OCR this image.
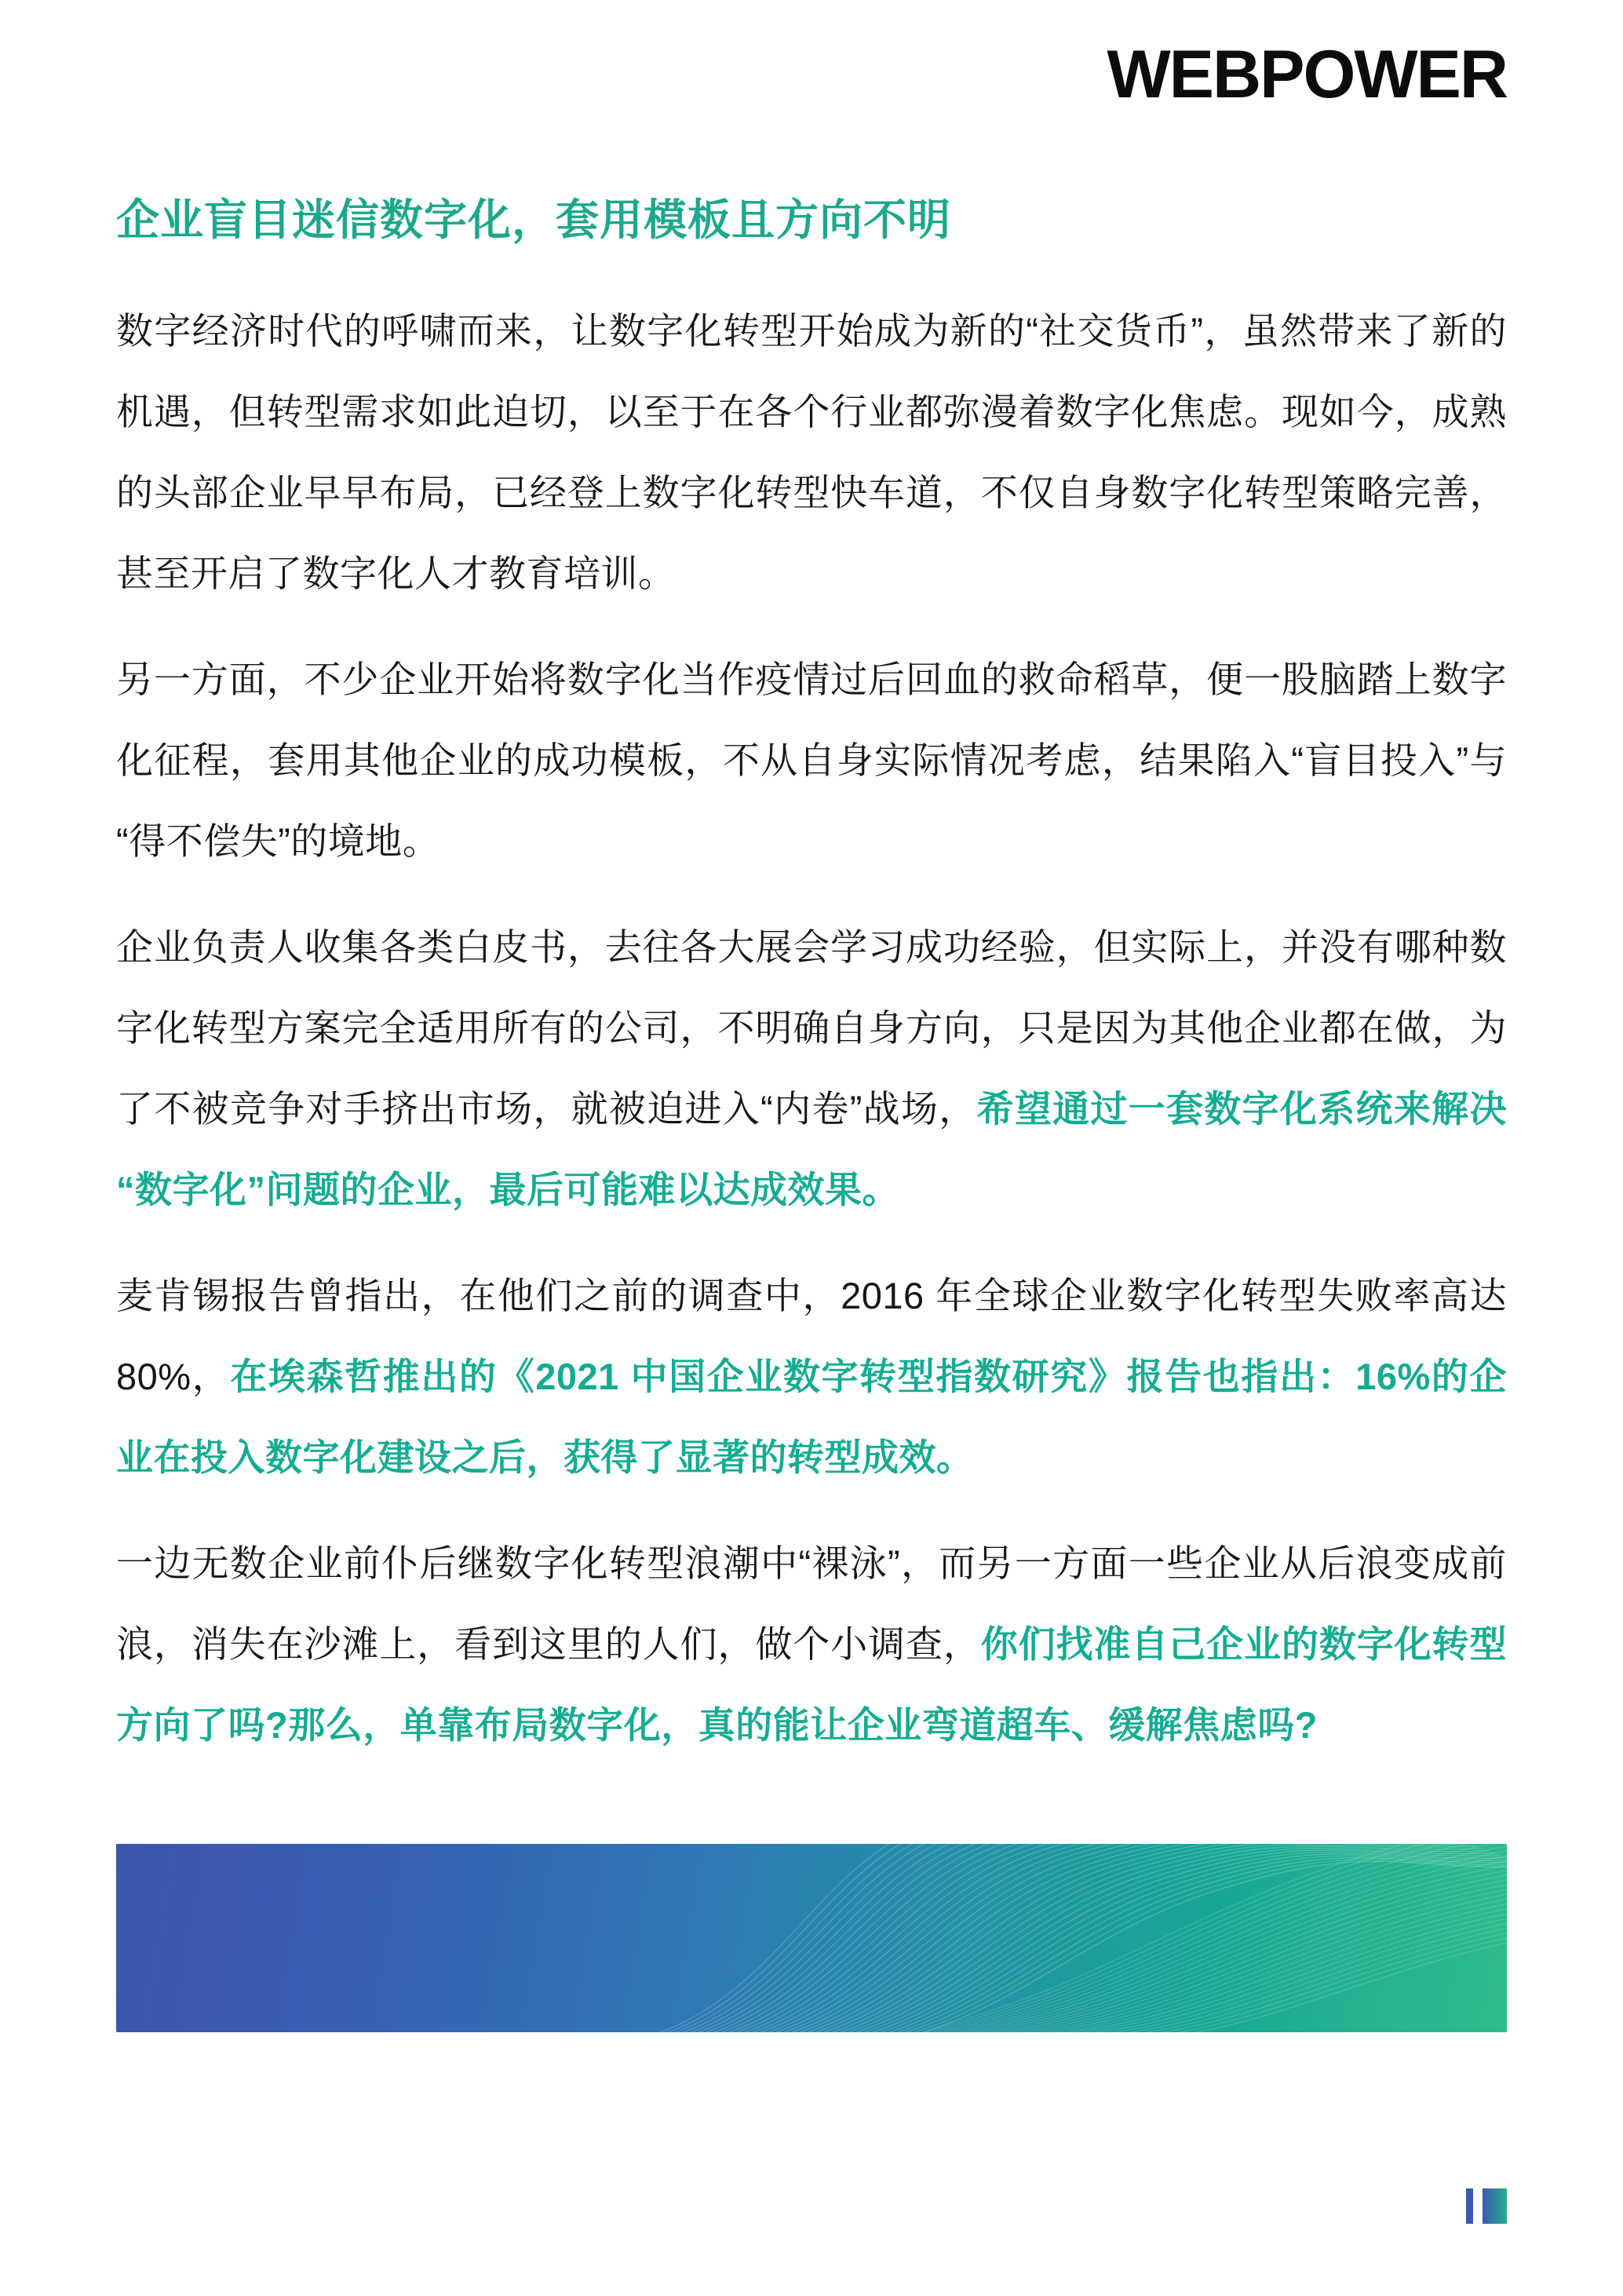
WEBPOWER
企业盲目迷信数字化，套用模板且方向不明

数字经济时代的呼啸而来，让数字化转型开始成为新的“社交货币”，虽然带来了新的机遇，但转型需求如此迫切，以至于在各个行业都弥漫着数字化焦虑。现如今，成熟的头部企业早早布局，已经登上数字化转型快车道，不仅自身数字化转型策略完善，甚至开启了数字化人才教育培训。

另一方面，不少企业开始将数字化当作疫情过后回血的救命稻草，便一股脑踏上数字化征程，套用其他企业的成功模板，不从自身实际情况考虑，结果陷入“盲目投入”与“得不偿失”的境地。

企业负责人收集各类白皮书，去往各大展会学习成功经验，但实际上，并没有哪种数字化转型方案完全适用所有的公司，不明确自身方向，只是因为其他企业都在做，为了不被竞争对手挤出市场，就被迫进入“内卷”战场，希望通过一套数字化系统来解决“数字化”问题的企业，最后可能难以达成效果。

麦肯锡报告曾指出，在他们之前的调查中，2016 年全球企业数字化转型失败率高达 80%，在埃森哲推出的《2021 中国企业数字转型指数研究》报告也指出：16%的企业在投入数字化建设之后，获得了显著的转型成效。

一边无数企业前仆后继数字化转型浪潮中“裸泳”，而另一方面一些企业从后浪变成前浪，消失在沙滩上，看到这里的人们，做个小调查，你们找准自己企业的数字化转型方向了吗?那么，单靠布局数字化，真的能让企业弯道超车、缓解焦虑吗?
